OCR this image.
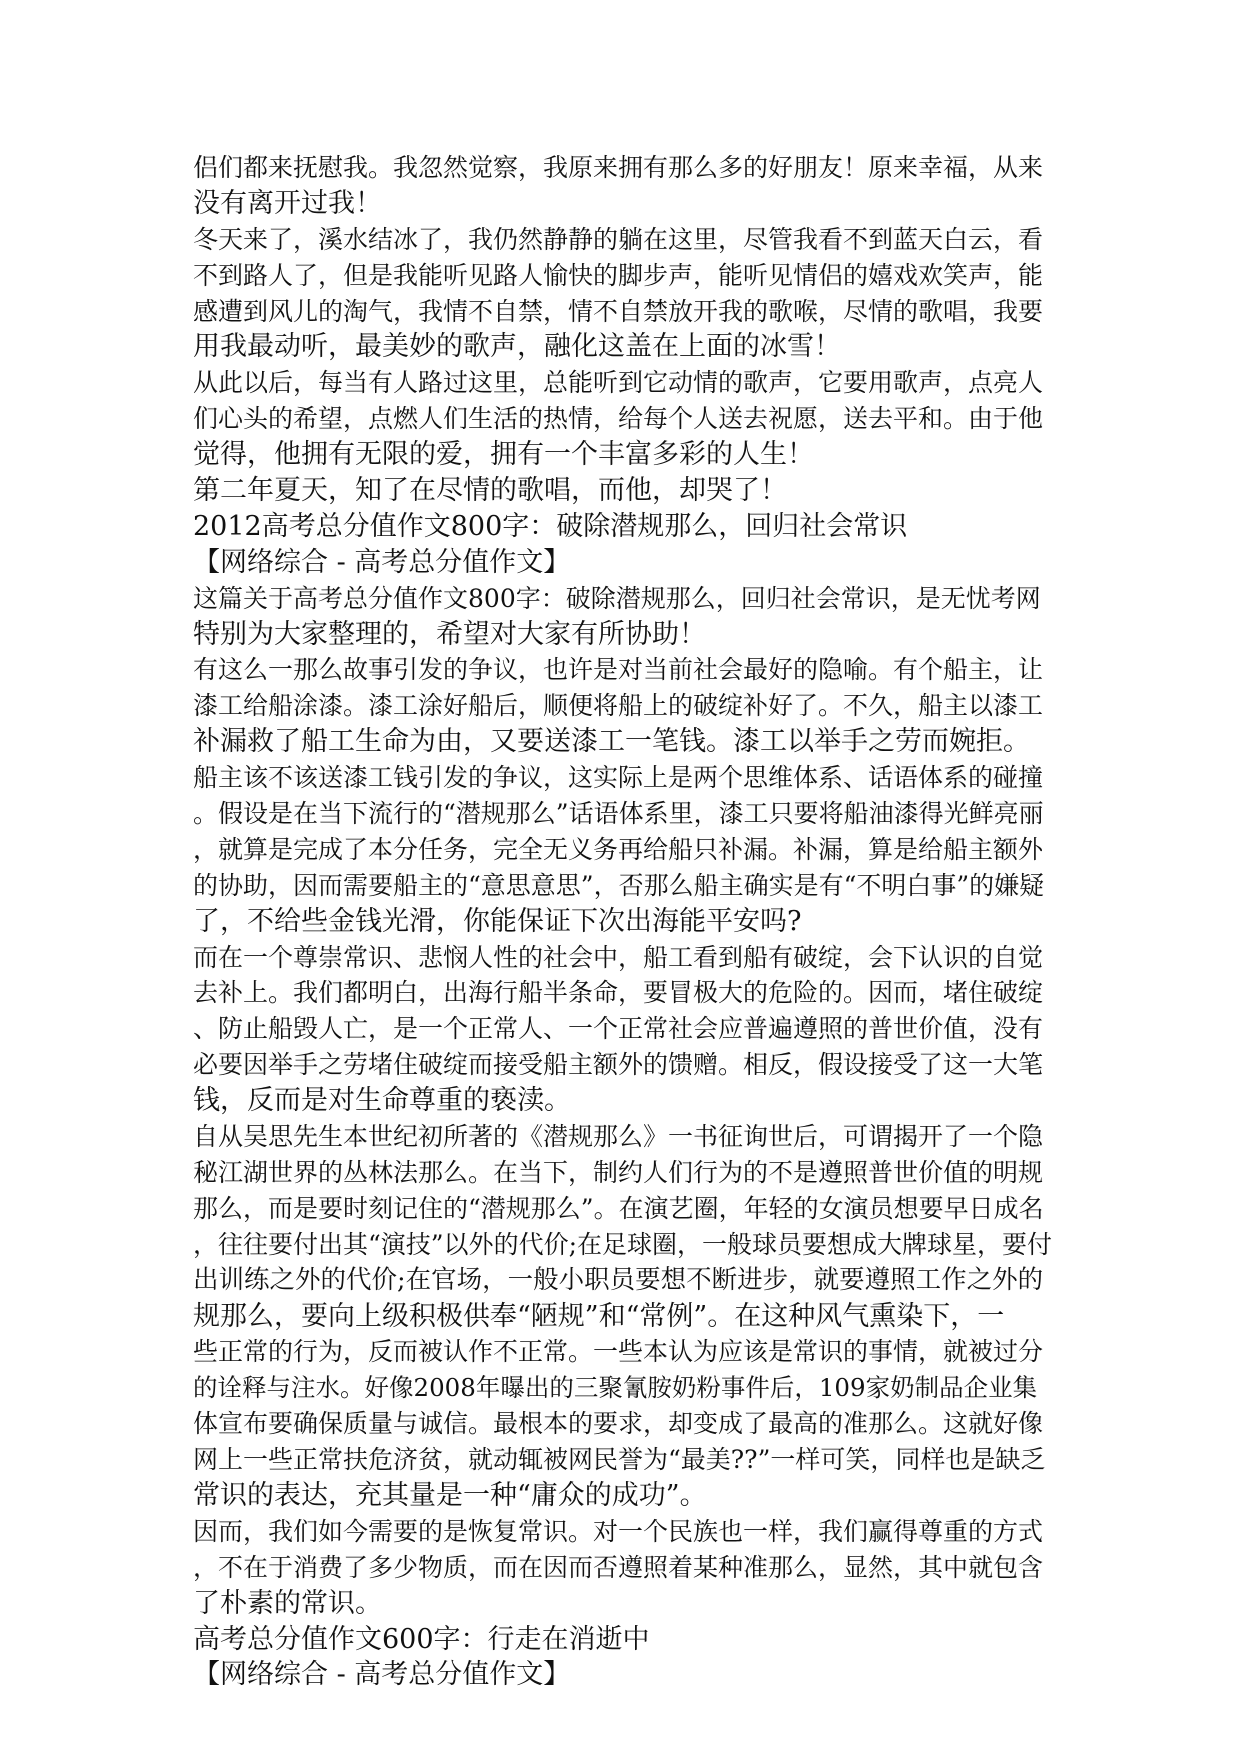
侣们都来抚慰我。我忽然觉察，我原来拥有那么多的好朋友！原来幸福，从来
没有离开过我！
冬天来了，溪水结冰了，我仍然静静的躺在这里，尽管我看不到蓝天白云，看
不到路人了，但是我能听见路人愉快的脚步声，能听见情侣的嬉戏欢笑声，能
感遭到风儿的淘气，我情不自禁，情不自禁放开我的歌喉，尽情的歌唱，我要
用我最动听，最美妙的歌声，融化这盖在上面的冰雪！
从此以后，每当有人路过这里，总能听到它动情的歌声，它要用歌声，点亮人
们心头的希望，点燃人们生活的热情，给每个人送去祝愿，送去平和。由于他
觉得，他拥有无限的爱，拥有一个丰富多彩的人生！
第二年夏天，知了在尽情的歌唱，而他，却哭了！
2012高考总分值作文800字：破除潜规那么，回归社会常识
【网络综合 - 高考总分值作文】
这篇关于高考总分值作文800字：破除潜规那么，回归社会常识，是无忧考网
特别为大家整理的，希望对大家有所协助！
有这么一那么故事引发的争议，也许是对当前社会最好的隐喻。有个船主，让
漆工给船涂漆。漆工涂好船后，顺便将船上的破绽补好了。不久，船主以漆工
补漏救了船工生命为由，又要送漆工一笔钱。漆工以举手之劳而婉拒。
船主该不该送漆工钱引发的争议，这实际上是两个思维体系、话语体系的碰撞
。假设是在当下流行的“潜规那么”话语体系里，漆工只要将船油漆得光鲜亮丽
，就算是完成了本分任务，完全无义务再给船只补漏。补漏，算是给船主额外
的协助，因而需要船主的“意思意思”，否那么船主确实是有“不明白事”的嫌疑
了，不给些金钱光滑，你能保证下次出海能平安吗?
而在一个尊崇常识、悲悯人性的社会中，船工看到船有破绽，会下认识的自觉
去补上。我们都明白，出海行船半条命，要冒极大的危险的。因而，堵住破绽
、防止船毁人亡，是一个正常人、一个正常社会应普遍遵照的普世价值，没有
必要因举手之劳堵住破绽而接受船主额外的馈赠。相反，假设接受了这一大笔
钱，反而是对生命尊重的亵渎。
自从吴思先生本世纪初所著的《潜规那么》一书征询世后，可谓揭开了一个隐
秘江湖世界的丛林法那么。在当下，制约人们行为的不是遵照普世价值的明规
那么，而是要时刻记住的“潜规那么”。在演艺圈，年轻的女演员想要早日成名
，往往要付出其“演技”以外的代价;在足球圈，一般球员要想成大牌球星，要付
出训练之外的代价;在官场，一般小职员要想不断进步，就要遵照工作之外的
规那么，要向上级积极供奉“陋规”和“常例”。在这种风气熏染下，一
些正常的行为，反而被认作不正常。一些本认为应该是常识的事情，就被过分
的诠释与注水。好像2008年曝出的三聚氰胺奶粉事件后，109家奶制品企业集
体宣布要确保质量与诚信。最根本的要求，却变成了最高的准那么。这就好像
网上一些正常扶危济贫，就动辄被网民誉为“最美??”一样可笑，同样也是缺乏
常识的表达，充其量是一种“庸众的成功”。
因而，我们如今需要的是恢复常识。对一个民族也一样，我们赢得尊重的方式
，不在于消费了多少物质，而在因而否遵照着某种准那么，显然，其中就包含
了朴素的常识。
高考总分值作文600字：行走在消逝中
【网络综合 - 高考总分值作文】
